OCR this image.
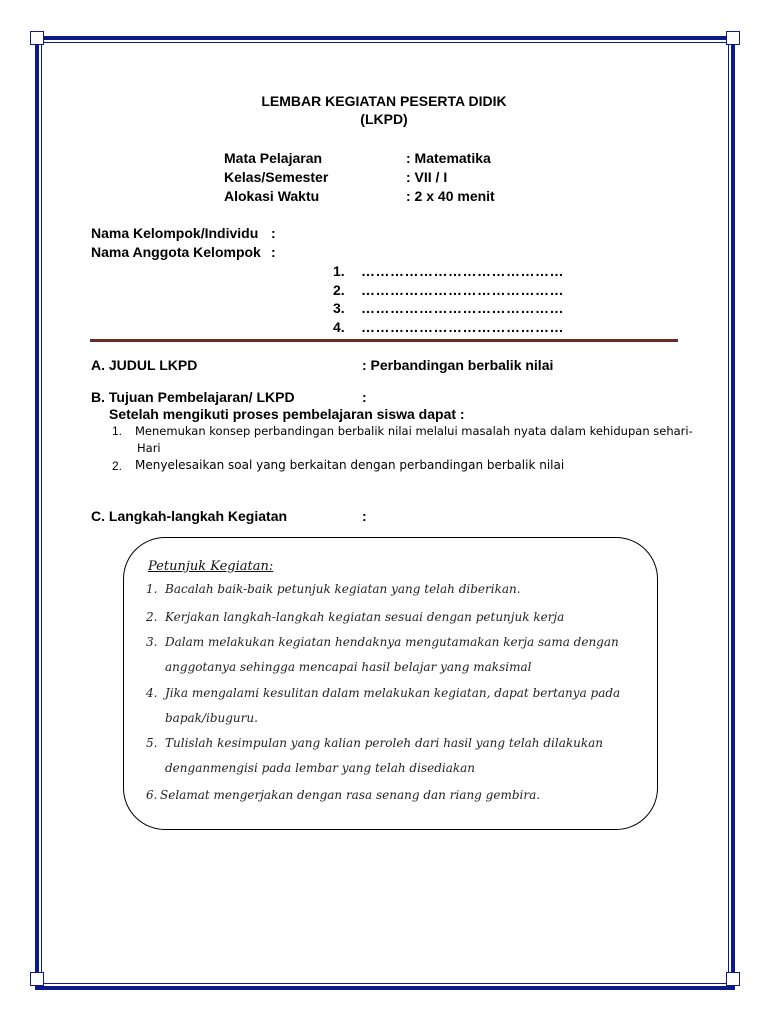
LEMBAR KEGIATAN PESERTA DIDIK
(LKPD)
Mata Pelajaran	: Matematika
Kelas/Semester	: VII / I
Alokasi Waktu	: 2 x 40 menit
Nama Kelompok/Individu :
Nama Anggota Kelompok :
1. ……………………………………
2. ……………………………………
3. ……………………………………
4. ……………………………………
A. JUDUL LKPD	: Perbandingan berbalik nilai
B. Tujuan Pembelajaran/ LKPD	:
Setelah mengikuti proses pembelajaran siswa dapat :
1. Menemukan konsep perbandingan berbalik nilai melalui masalah nyata dalam kehidupan sehari-
Hari
2. Menyelesaikan soal yang berkaitan dengan perbandingan berbalik nilai
C. Langkah-langkah Kegiatan	:
Petunjuk Kegiatan:
1. Bacalah baik-baik petunjuk kegiatan yang telah diberikan.
2. Kerjakan langkah-langkah kegiatan sesuai dengan petunjuk kerja
3. Dalam melakukan kegiatan hendaknya mengutamakan kerja sama dengan
anggotanya sehingga mencapai hasil belajar yang maksimal
4. Jika mengalami kesulitan dalam melakukan kegiatan, dapat bertanya pada
bapak/ibuguru.
5. Tulislah kesimpulan yang kalian peroleh dari hasil yang telah dilakukan
denganmengisi pada lembar yang telah disediakan
6. Selamat mengerjakan dengan rasa senang dan riang gembira.
